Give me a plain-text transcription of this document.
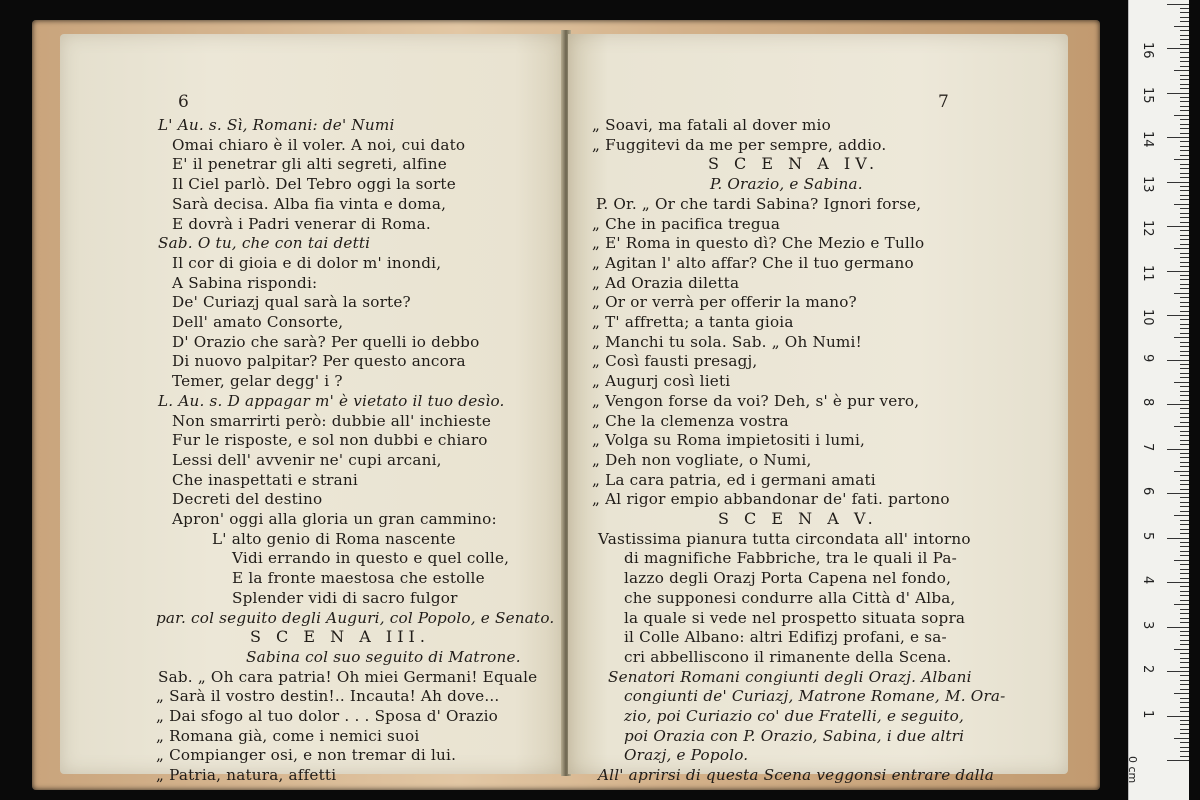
6
L' Au. s. Sì, Romani: de' Numi
Omai chiaro è il voler. A noi, cui dato
E' il penetrar gli alti segreti, alfine
Il Ciel parlò. Del Tebro oggi la sorte
Sarà decisa. Alba fia vinta e doma,
E dovrà i Padri venerar di Roma.
Sab. O tu, che con tai detti
Il cor di gioia e di dolor m' inondi,
A Sabina rispondi:
De' Curiazj qual sarà la sorte?
Dell' amato Consorte,
D' Orazio che sarà? Per quelli io debbo
Di nuovo palpitar? Per questo ancora
Temer, gelar degg' i ?
L. Au. s. D appagar m' è vietato il tuo desìo.
Non smarrirti però: dubbie all' inchieste
Fur le risposte, e sol non dubbi e chiaro
Lessi dell' avvenir ne' cupi arcani,
Che inaspettati e strani
Decreti del destino
Apron' oggi alla gloria un gran cammino:
L' alto genio di Roma nascente
Vidi errando in questo e quel colle,
E la fronte maestosa che estolle
Splender vidi di sacro fulgor
par. col seguito degli Auguri, col Popolo, e Senato.
S C E N A III.
Sabina col suo seguito di Matrone.
Sab. „ Oh cara patria! Oh miei Germani! Equale
„ Sarà il vostro destin!.. Incauta! Ah dove...
„ Dai sfogo al tuo dolor . . . Sposa d' Orazio
„ Romana già, come i nemici suoi
„ Compianger osi, e non tremar di lui.
„ Patria, natura, affetti
7
„ Soavi, ma fatali al dover mio
„ Fuggitevi da me per sempre, addio.
S C E N A IV.
P. Orazio, e Sabina.
P. Or. „ Or che tardi Sabina? Ignori forse,
„ Che in pacifica tregua
„ E' Roma in questo dì? Che Mezio e Tullo
„ Agitan l' alto affar? Che il tuo germano
„ Ad Orazia diletta
„ Or or verrà per offerir la mano?
„ T' affretta; a tanta gioia
„ Manchi tu sola. Sab. „ Oh Numi!
„ Così fausti presagj,
„ Augurj così lieti
„ Vengon forse da voi? Deh, s' è pur vero,
„ Che la clemenza vostra
„ Volga su Roma impietositi i lumi,
„ Deh non vogliate, o Numi,
„ La cara patria, ed i germani amati
„ Al rigor empio abbandonar de' fati. partono
S C E N A V.
Vastissima pianura tutta circondata all' intorno
di magnifiche Fabbriche, tra le quali il Pa-
lazzo degli Orazj Porta Capena nel fondo,
che supponesi condurre alla Città d' Alba,
la quale si vede nel prospetto situata sopra
il Colle Albano: altri Edifizj profani, e sa-
cri abbelliscono il rimanente della Scena.
Senatori Romani congiunti degli Orazj. Albani
congiunti de' Curiazj, Matrone Romane, M. Ora-
zio, poi Curiazio co' due Fratelli, e seguito,
poi Orazia con P. Orazio, Sabina, i due altri
Orazj, e Popolo.
All' aprirsi di questa Scena veggonsi entrare dalla	0 cm
1
2
3
4
5
6
7
8
9
10
11
12
13
14
15
16
